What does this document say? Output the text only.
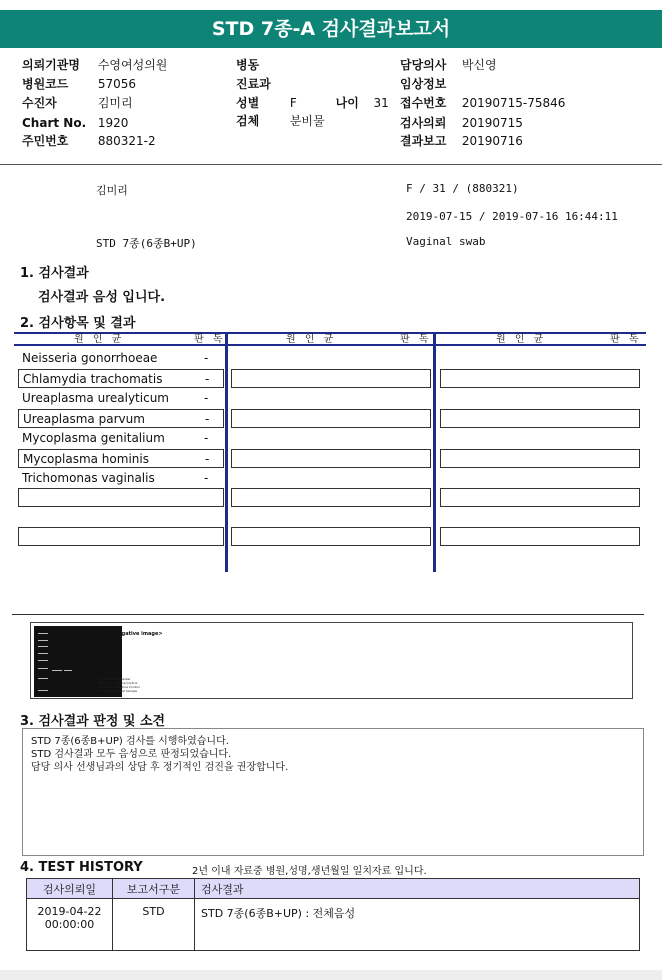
STD 7종-A 검사결과보고서
의뢰기관명 수영여성의원
병원코드 57056
수진자	김미리
Chart No. 1920
주민번호 880321-2
병동
진료과
성별	F	나이 31
검체	분비물
담당의사 박신영
임상정보
접수번호 20190715-75846
검사의뢰 20190715
결과보고 20190716
김미리	F / 31 / (880321)
2019-07-15 / 2019-07-16 16:44:11
STD 7종(6종B+UP)	Vaginal swab
1. 검사결과
검사결과 음성 입니다.
2. 검사항목 및 결과
원 인 균	판 독	원 인 균	판 독	원 인 균	판 독
Neisseria gonorrhoeae	-
Chlamydia trachomatis	-
Ureaplasma urealyticum	-
Ureaplasma parvum	-
Mycoplasma genitalium	-
Mycoplasma hominis	-
Trichomonas vaginalis	-
<STD Negative image>
Lane M : Size marker
Lane PC : Positive Control
Lane NC : Negative Control
Lane SC : Clinical Sample
3. 검사결과 판정 및 소견
STD 7종(6종B+UP) 검사를 시행하였습니다.
STD 검사결과 모두 음성으로 판정되었습니다.
담당 의사 선생님과의 상담 후 정기적인 검진을 권장합니다.
4. TEST HISTORY	2년 이내 자료중 병원,성명,생년월일 일치자료 입니다.
검사의뢰일	보고서구분	검사결과

2019-04-22
00:00:00	STD	STD 7종(6종B+UP) : 전체음성
